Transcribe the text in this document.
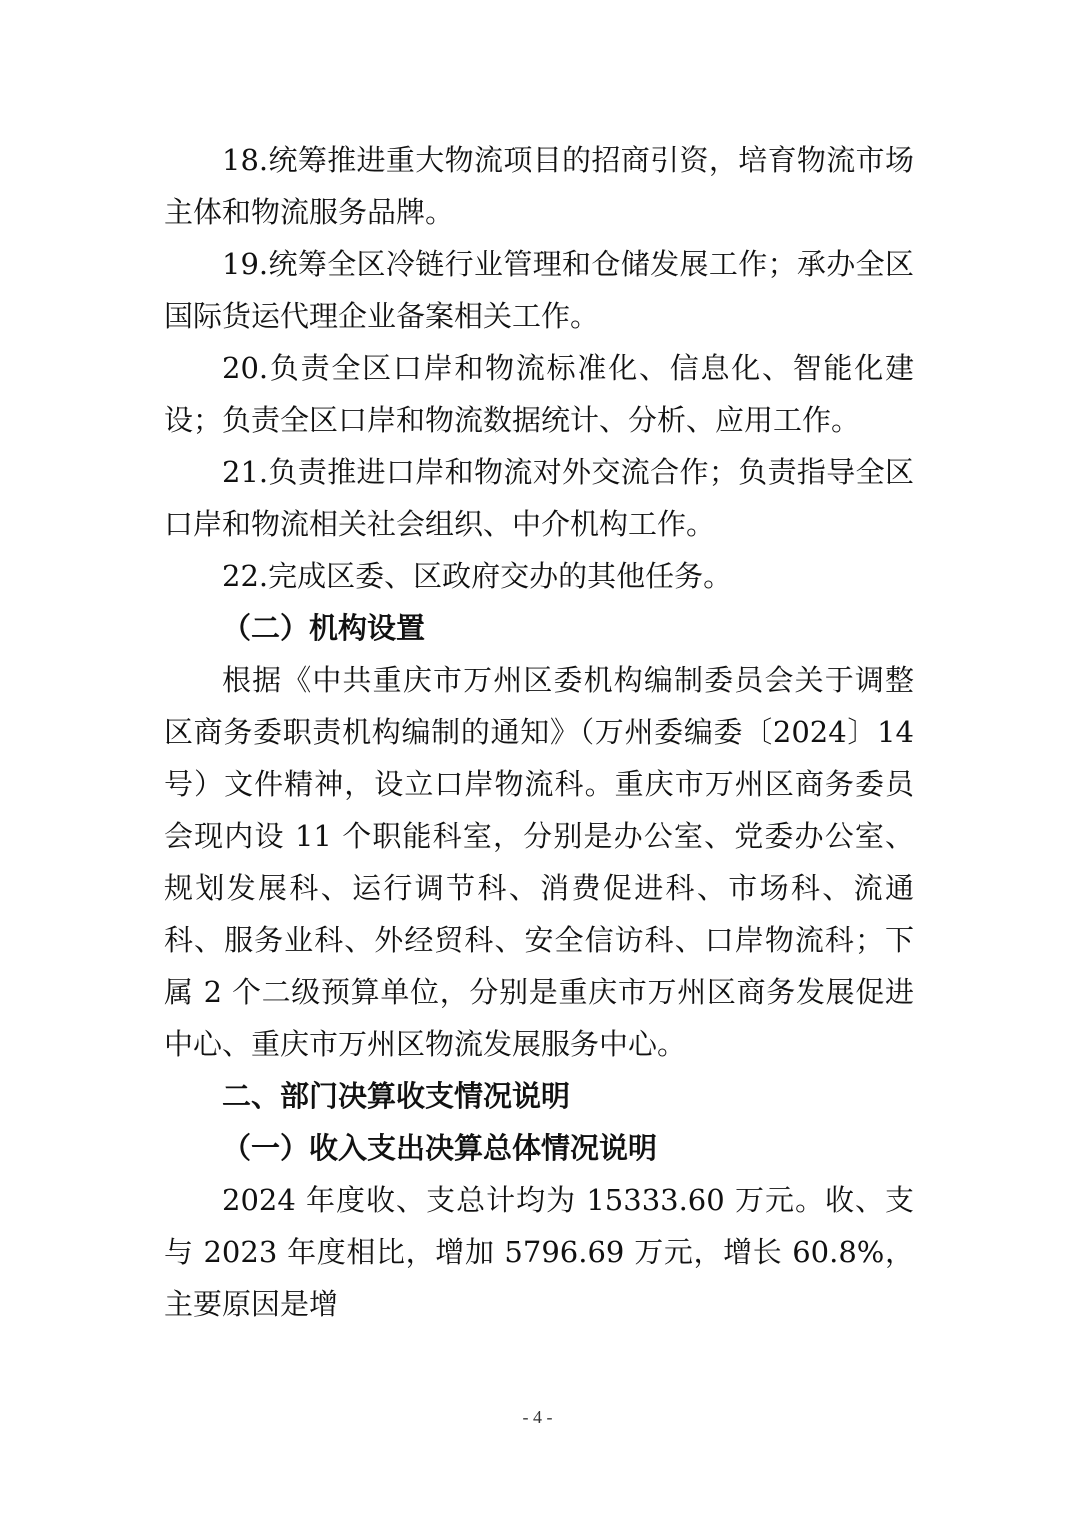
18.统筹推进重大物流项目的招商引资，培育物流市场主体和物流服务品牌。

19.统筹全区冷链行业管理和仓储发展工作；承办全区国际货运代理企业备案相关工作。

20.负责全区口岸和物流标准化、信息化、智能化建设；负责全区口岸和物流数据统计、分析、应用工作。

21.负责推进口岸和物流对外交流合作；负责指导全区口岸和物流相关社会组织、中介机构工作。

22.完成区委、区政府交办的其他任务。

（二）机构设置

根据《中共重庆市万州区委机构编制委员会关于调整区商务委职责机构编制的通知》（万州委编委〔2024〕14号）文件精神，设立口岸物流科。重庆市万州区商务委员会现内设 11 个职能科室，分别是办公室、党委办公室、规划发展科、运行调节科、消费促进科、市场科、流通科、服务业科、外经贸科、安全信访科、口岸物流科；下属 2 个二级预算单位，分别是重庆市万州区商务发展促进中心、重庆市万州区物流发展服务中心。

二、部门决算收支情况说明

（一）收入支出决算总体情况说明

2024 年度收、支总计均为 15333.60 万元。收、支与 2023 年度相比，增加 5796.69 万元，增长 60.8%，主要原因是增

- 4 -
